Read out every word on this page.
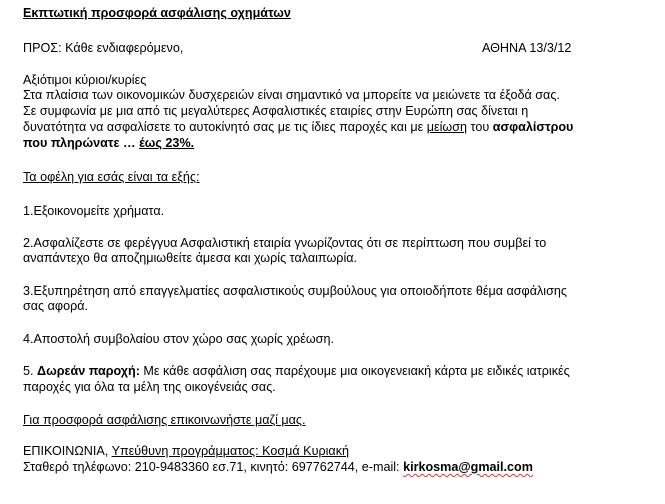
Εκπτωτική προσφορά ασφάλισης οχημάτων
ΠΡΟΣ: Κάθε ενδιαφερόμενο,	ΑΘΗΝΑ 13/3/12
Αξιότιμοι κύριοι/κυρίες
Στα πλαίσια των οικονομικών δυσχερειών είναι σημαντικό να μπορείτε να μειώνετε τα έξοδά σας.
Σε συμφωνία με μια από τις μεγαλύτερες Ασφαλιστικές εταιρίες στην Ευρώπη σας δίνεται η
δυνατότητα να ασφαλίσετε το αυτοκίνητό σας με τις ίδιες παροχές και με μείωση του ασφαλίστρου
που πληρώνατε … έως 23%.
Τα οφέλη για εσάς είναι τα εξής:
1.Εξοικονομείτε χρήματα.
2.Ασφαλίζεστε σε φερέγγυα Ασφαλιστική εταιρία γνωρίζοντας ότι σε περίπτωση που συμβεί το
αναπάντεχο θα αποζημιωθείτε άμεσα και χωρίς ταλαιπωρία.
3.Εξυπηρέτηση από επαγγελματίες ασφαλιστικούς συμβούλους για οποιοδήποτε θέμα ασφάλισης
σας αφορά.
4.Αποστολή συμβολαίου στον χώρο σας χωρίς χρέωση.
5. Δωρεάν παροχή: Με κάθε ασφάλιση σας παρέχουμε μια οικογενειακή κάρτα με ειδικές ιατρικές
παροχές για όλα τα μέλη της οικογένειάς σας.
Για προσφορά ασφάλισης επικοινωνήστε μαζί μας.
ΕΠΙΚΟΙΝΩΝΙΑ, Υπεύθυνη προγράμματος: Κοσμά Κυριακή
Σταθερό τηλέφωνο: 210-9483360 εσ.71, κινητό: 697762744, e-mail: kirkosma@gmail.com
